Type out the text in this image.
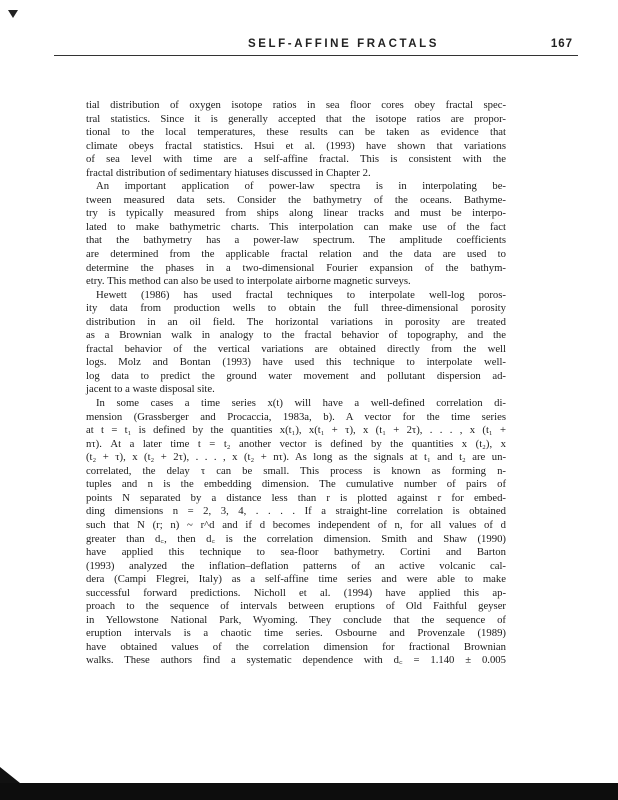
SELF-AFFINE FRACTALS	167
tial distribution of oxygen isotope ratios in sea floor cores obey fractal spec-
tral statistics. Since it is generally accepted that the isotope ratios are propor-
tional to the local temperatures, these results can be taken as evidence that
climate obeys fractal statistics. Hsui et al. (1993) have shown that variations
of sea level with time are a self-affine fractal. This is consistent with the
fractal distribution of sedimentary hiatuses discussed in Chapter 2.
An important application of power-law spectra is in interpolating be-
tween measured data sets. Consider the bathymetry of the oceans. Bathyme-
try is typically measured from ships along linear tracks and must be interpo-
lated to make bathymetric charts. This interpolation can make use of the fact
that the bathymetry has a power-law spectrum. The amplitude coefficients
are determined from the applicable fractal relation and the data are used to
determine the phases in a two-dimensional Fourier expansion of the bathym-
etry. This method can also be used to interpolate airborne magnetic surveys.
Hewett (1986) has used fractal techniques to interpolate well-log poros-
ity data from production wells to obtain the full three-dimensional porosity
distribution in an oil field. The horizontal variations in porosity are treated
as a Brownian walk in analogy to the fractal behavior of topography, and the
fractal behavior of the vertical variations are obtained directly from the well
logs. Molz and Bontan (1993) have used this technique to interpolate well-
log data to predict the ground water movement and pollutant dispersion ad-
jacent to a waste disposal site.
In some cases a time series x(t) will have a well-defined correlation di-
mension (Grassberger and Procaccia, 1983a, b). A vector for the time series
at t = t₁ is defined by the quantities x(t₁), x(t₁ + τ), x (t₁ + 2τ), . . . , x (t₁ +
nτ). At a later time t = t₂ another vector is defined by the quantities x (t₂), x
(t₂ + τ), x (t₂ + 2τ), . . . , x (t₂ + nτ). As long as the signals at t₁ and t₂ are un-
correlated, the delay τ can be small. This process is known as forming n-
tuples and n is the embedding dimension. The cumulative number of pairs of
points N separated by a distance less than r is plotted against r for embed-
ding dimensions n = 2, 3, 4, . . . . If a straight-line correlation is obtained
such that N (r; n) ~ r^d and if d becomes independent of n, for all values of d
greater than d꜀, then d꜀ is the correlation dimension. Smith and Shaw (1990)
have applied this technique to sea-floor bathymetry. Cortini and Barton
(1993) analyzed the inflation–deflation patterns of an active volcanic cal-
dera (Campi Flegrei, Italy) as a self-affine time series and were able to make
successful forward predictions. Nicholl et al. (1994) have applied this ap-
proach to the sequence of intervals between eruptions of Old Faithful geyser
in Yellowstone National Park, Wyoming. They conclude that the sequence of
eruption intervals is a chaotic time series. Osbourne and Provenzale (1989)
have obtained values of the correlation dimension for fractional Brownian
walks. These authors find a systematic dependence with d꜀ = 1.140 ± 0.005
